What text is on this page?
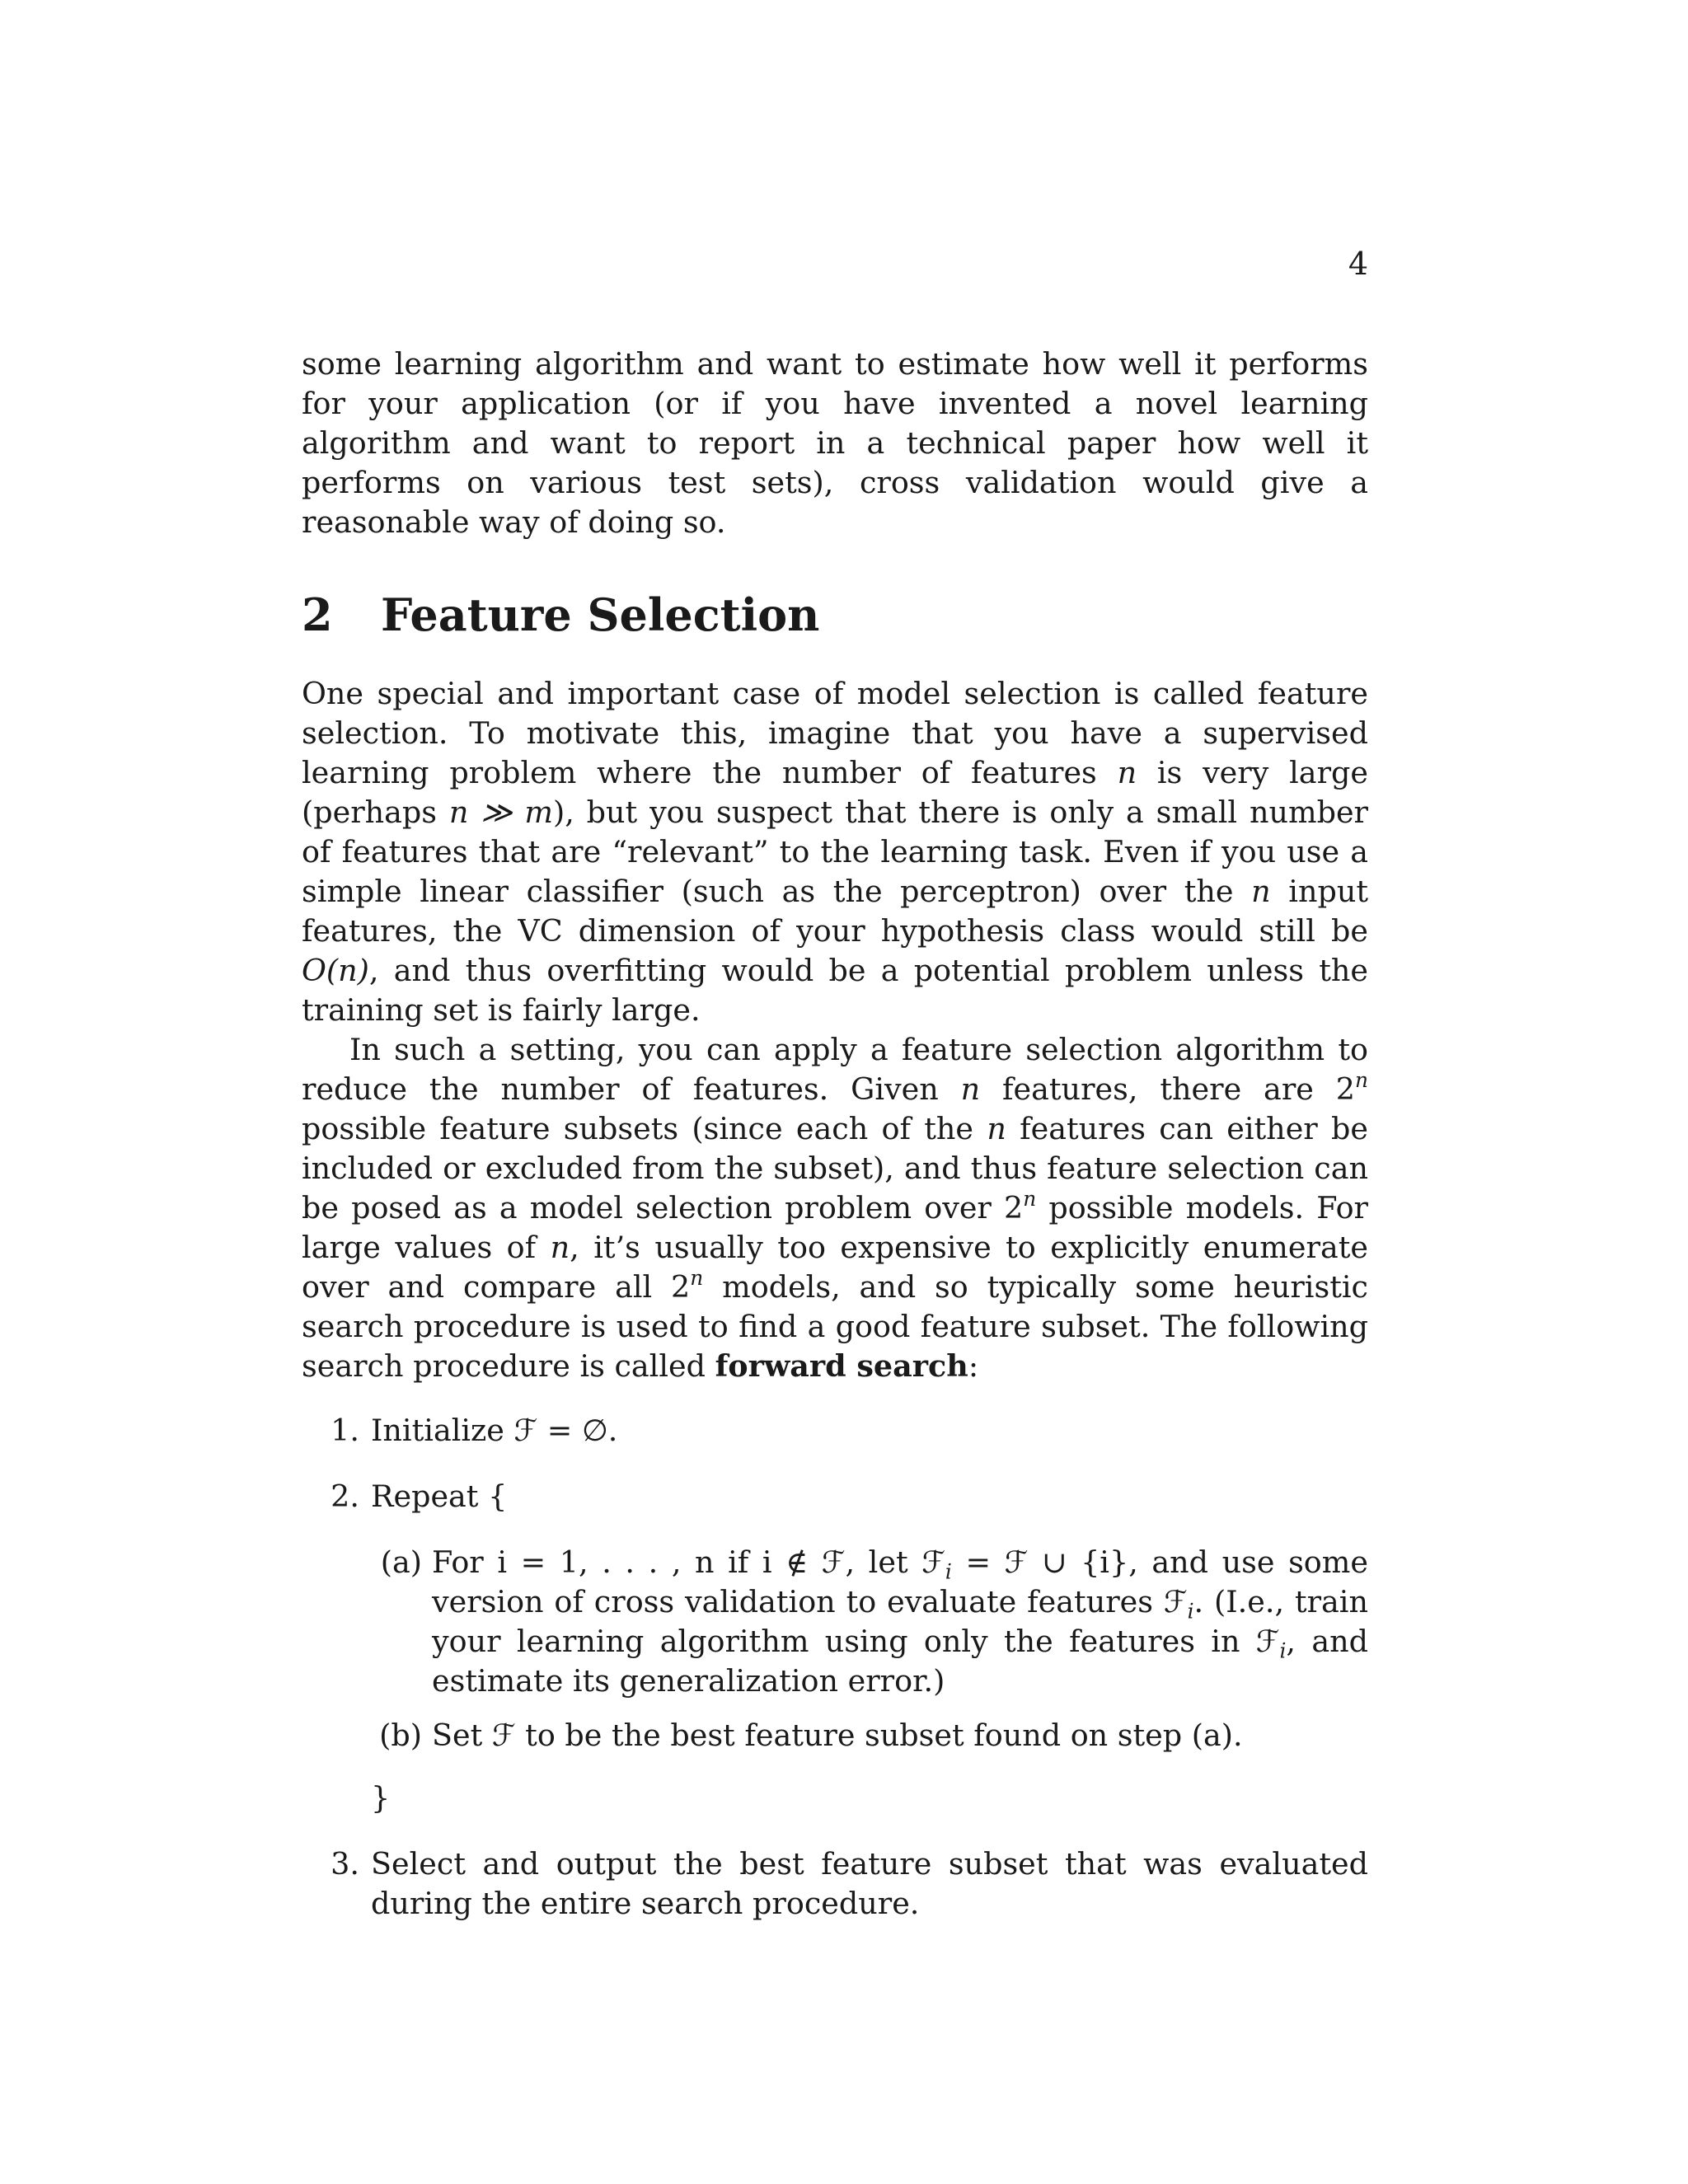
4

some learning algorithm and want to estimate how well it performs for your application (or if you have invented a novel learning algorithm and want to report in a technical paper how well it performs on various test sets), cross validation would give a reasonable way of doing so.

2	Feature Selection

One special and important case of model selection is called feature selection. To motivate this, imagine that you have a supervised learning problem where the number of features n is very large (perhaps n ≫ m), but you suspect that there is only a small number of features that are “relevant” to the learning task. Even if you use a simple linear classifier (such as the perceptron) over the n input features, the VC dimension of your hypothesis class would still be O(n), and thus overfitting would be a potential problem unless the training set is fairly large.

In such a setting, you can apply a feature selection algorithm to reduce the number of features. Given n features, there are 2$^n$ possible feature subsets (since each of the n features can either be included or excluded from the subset), and thus feature selection can be posed as a model selection problem over 2$^n$ possible models. For large values of n, it’s usually too expensive to explicitly enumerate over and compare all 2$^n$ models, and so typically some heuristic search procedure is used to find a good feature subset. The following search procedure is called forward search:

1. Initialize ℱ = ∅.
2. Repeat {
(a) For i = 1, . . . , n if i ∉ ℱ, let ℱ$_i$ = ℱ ∪ {i}, and use some version of cross validation to evaluate features ℱ$_i$. (I.e., train your learning algorithm using only the features in ℱ$_i$, and estimate its generalization error.)
(b) Set ℱ to be the best feature subset found on step (a).
}
3. Select and output the best feature subset that was evaluated during the entire search procedure.
